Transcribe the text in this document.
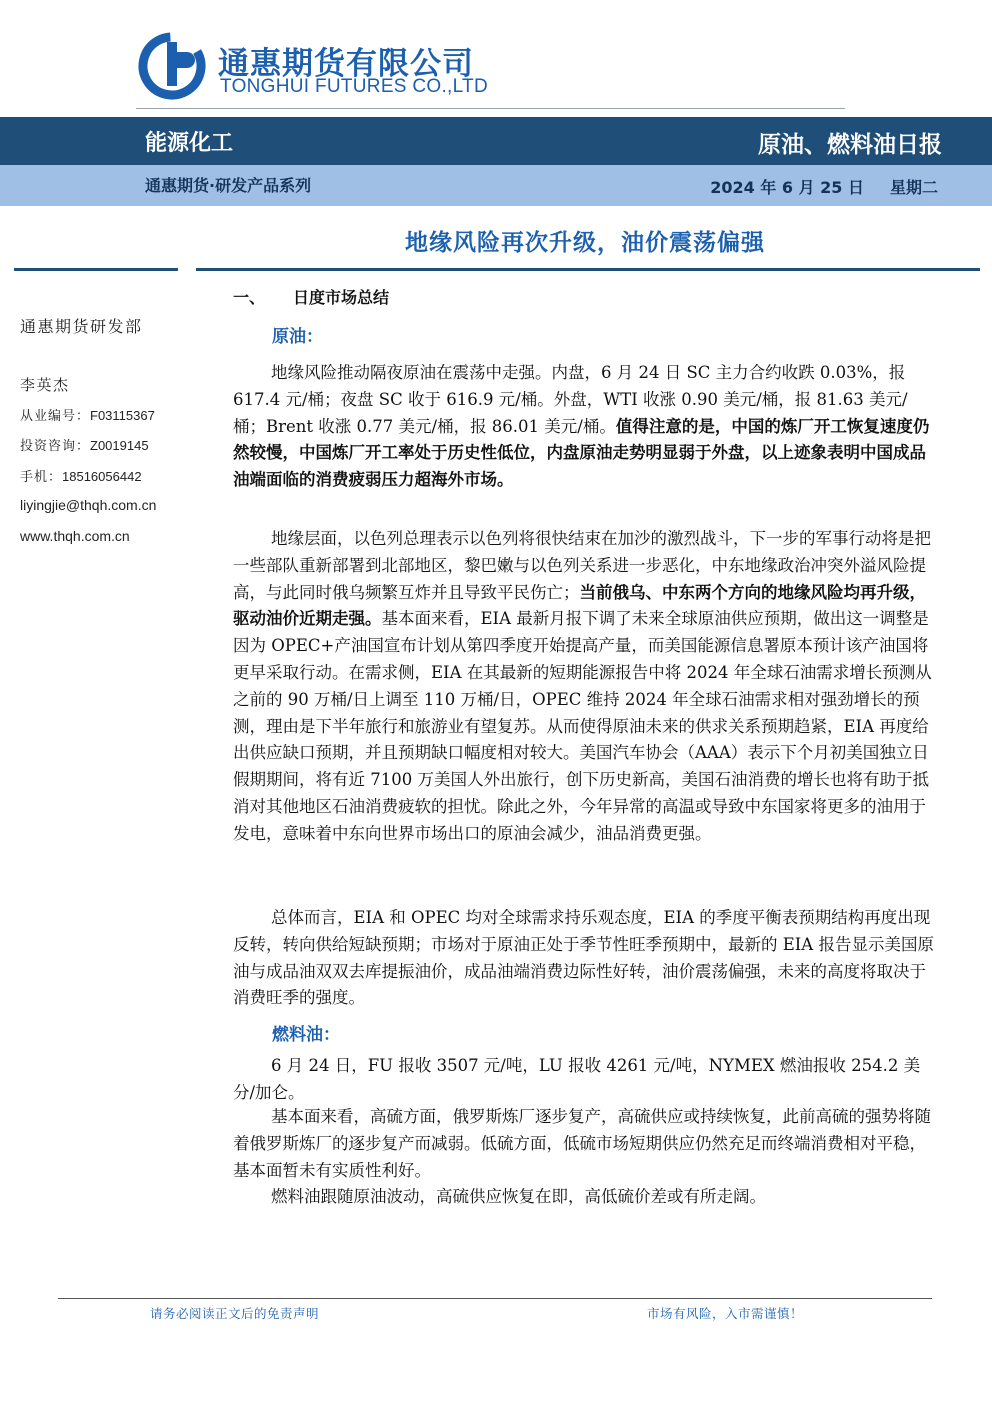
通惠期货有限公司
TONGHUI FUTURES CO.,LTD
能源化工	原油、燃料油日报
通惠期货·研发产品系列	2024 年 6 月 25 日 星期二
地缘风险再次升级，油价震荡偏强
通惠期货研发部
李英杰
从业编号：F03115367
投资咨询：Z0019145
手机：18516056442
liyingjie@thqh.com.cn
www.thqh.com.cn
一、 日度市场总结
原油：

地缘风险推动隔夜原油在震荡中走强。内盘，6 月 24 日 SC 主力合约收跌 0.03%，报 617.4 元/桶；夜盘 SC 收于 616.9 元/桶。外盘，WTI 收涨 0.90 美元/桶，报 81.63 美元/桶；Brent 收涨 0.77 美元/桶，报 86.01 美元/桶。值得注意的是，中国的炼厂开工恢复速度仍然较慢，中国炼厂开工率处于历史性低位，内盘原油走势明显弱于外盘，以上迹象表明中国成品油端面临的消费疲弱压力超海外市场。

地缘层面，以色列总理表示以色列将很快结束在加沙的激烈战斗，下一步的军事行动将是把一些部队重新部署到北部地区，黎巴嫩与以色列关系进一步恶化，中东地缘政治冲突外溢风险提高，与此同时俄乌频繁互炸并且导致平民伤亡；当前俄乌、中东两个方向的地缘风险均再升级，驱动油价近期走强。基本面来看，EIA 最新月报下调了未来全球原油供应预期，做出这一调整是因为 OPEC+产油国宣布计划从第四季度开始提高产量，而美国能源信息署原本预计该产油国将更早采取行动。在需求侧，EIA 在其最新的短期能源报告中将 2024 年全球石油需求增长预测从之前的 90 万桶/日上调至 110 万桶/日，OPEC 维持 2024 年全球石油需求相对强劲增长的预测，理由是下半年旅行和旅游业有望复苏。从而使得原油未来的供求关系预期趋紧，EIA 再度给出供应缺口预期，并且预期缺口幅度相对较大。美国汽车协会（AAA）表示下个月初美国独立日假期期间，将有近 7100 万美国人外出旅行，创下历史新高，美国石油消费的增长也将有助于抵消对其他地区石油消费疲软的担忧。除此之外，今年异常的高温或导致中东国家将更多的油用于发电，意味着中东向世界市场出口的原油会减少，油品消费更强。

总体而言，EIA 和 OPEC 均对全球需求持乐观态度，EIA 的季度平衡表预期结构再度出现反转，转向供给短缺预期；市场对于原油正处于季节性旺季预期中，最新的 EIA 报告显示美国原油与成品油双双去库提振油价，成品油端消费边际性好转，油价震荡偏强，未来的高度将取决于消费旺季的强度。

燃料油：

6 月 24 日，FU 报收 3507 元/吨，LU 报收 4261 元/吨，NYMEX 燃油报收 254.2 美分/加仑。

基本面来看，高硫方面，俄罗斯炼厂逐步复产，高硫供应或持续恢复，此前高硫的强势将随着俄罗斯炼厂的逐步复产而减弱。低硫方面，低硫市场短期供应仍然充足而终端消费相对平稳，基本面暂未有实质性利好。

燃料油跟随原油波动，高硫供应恢复在即，高低硫价差或有所走阔。

请务必阅读正文后的免责声明	市场有风险，入市需谨慎！
